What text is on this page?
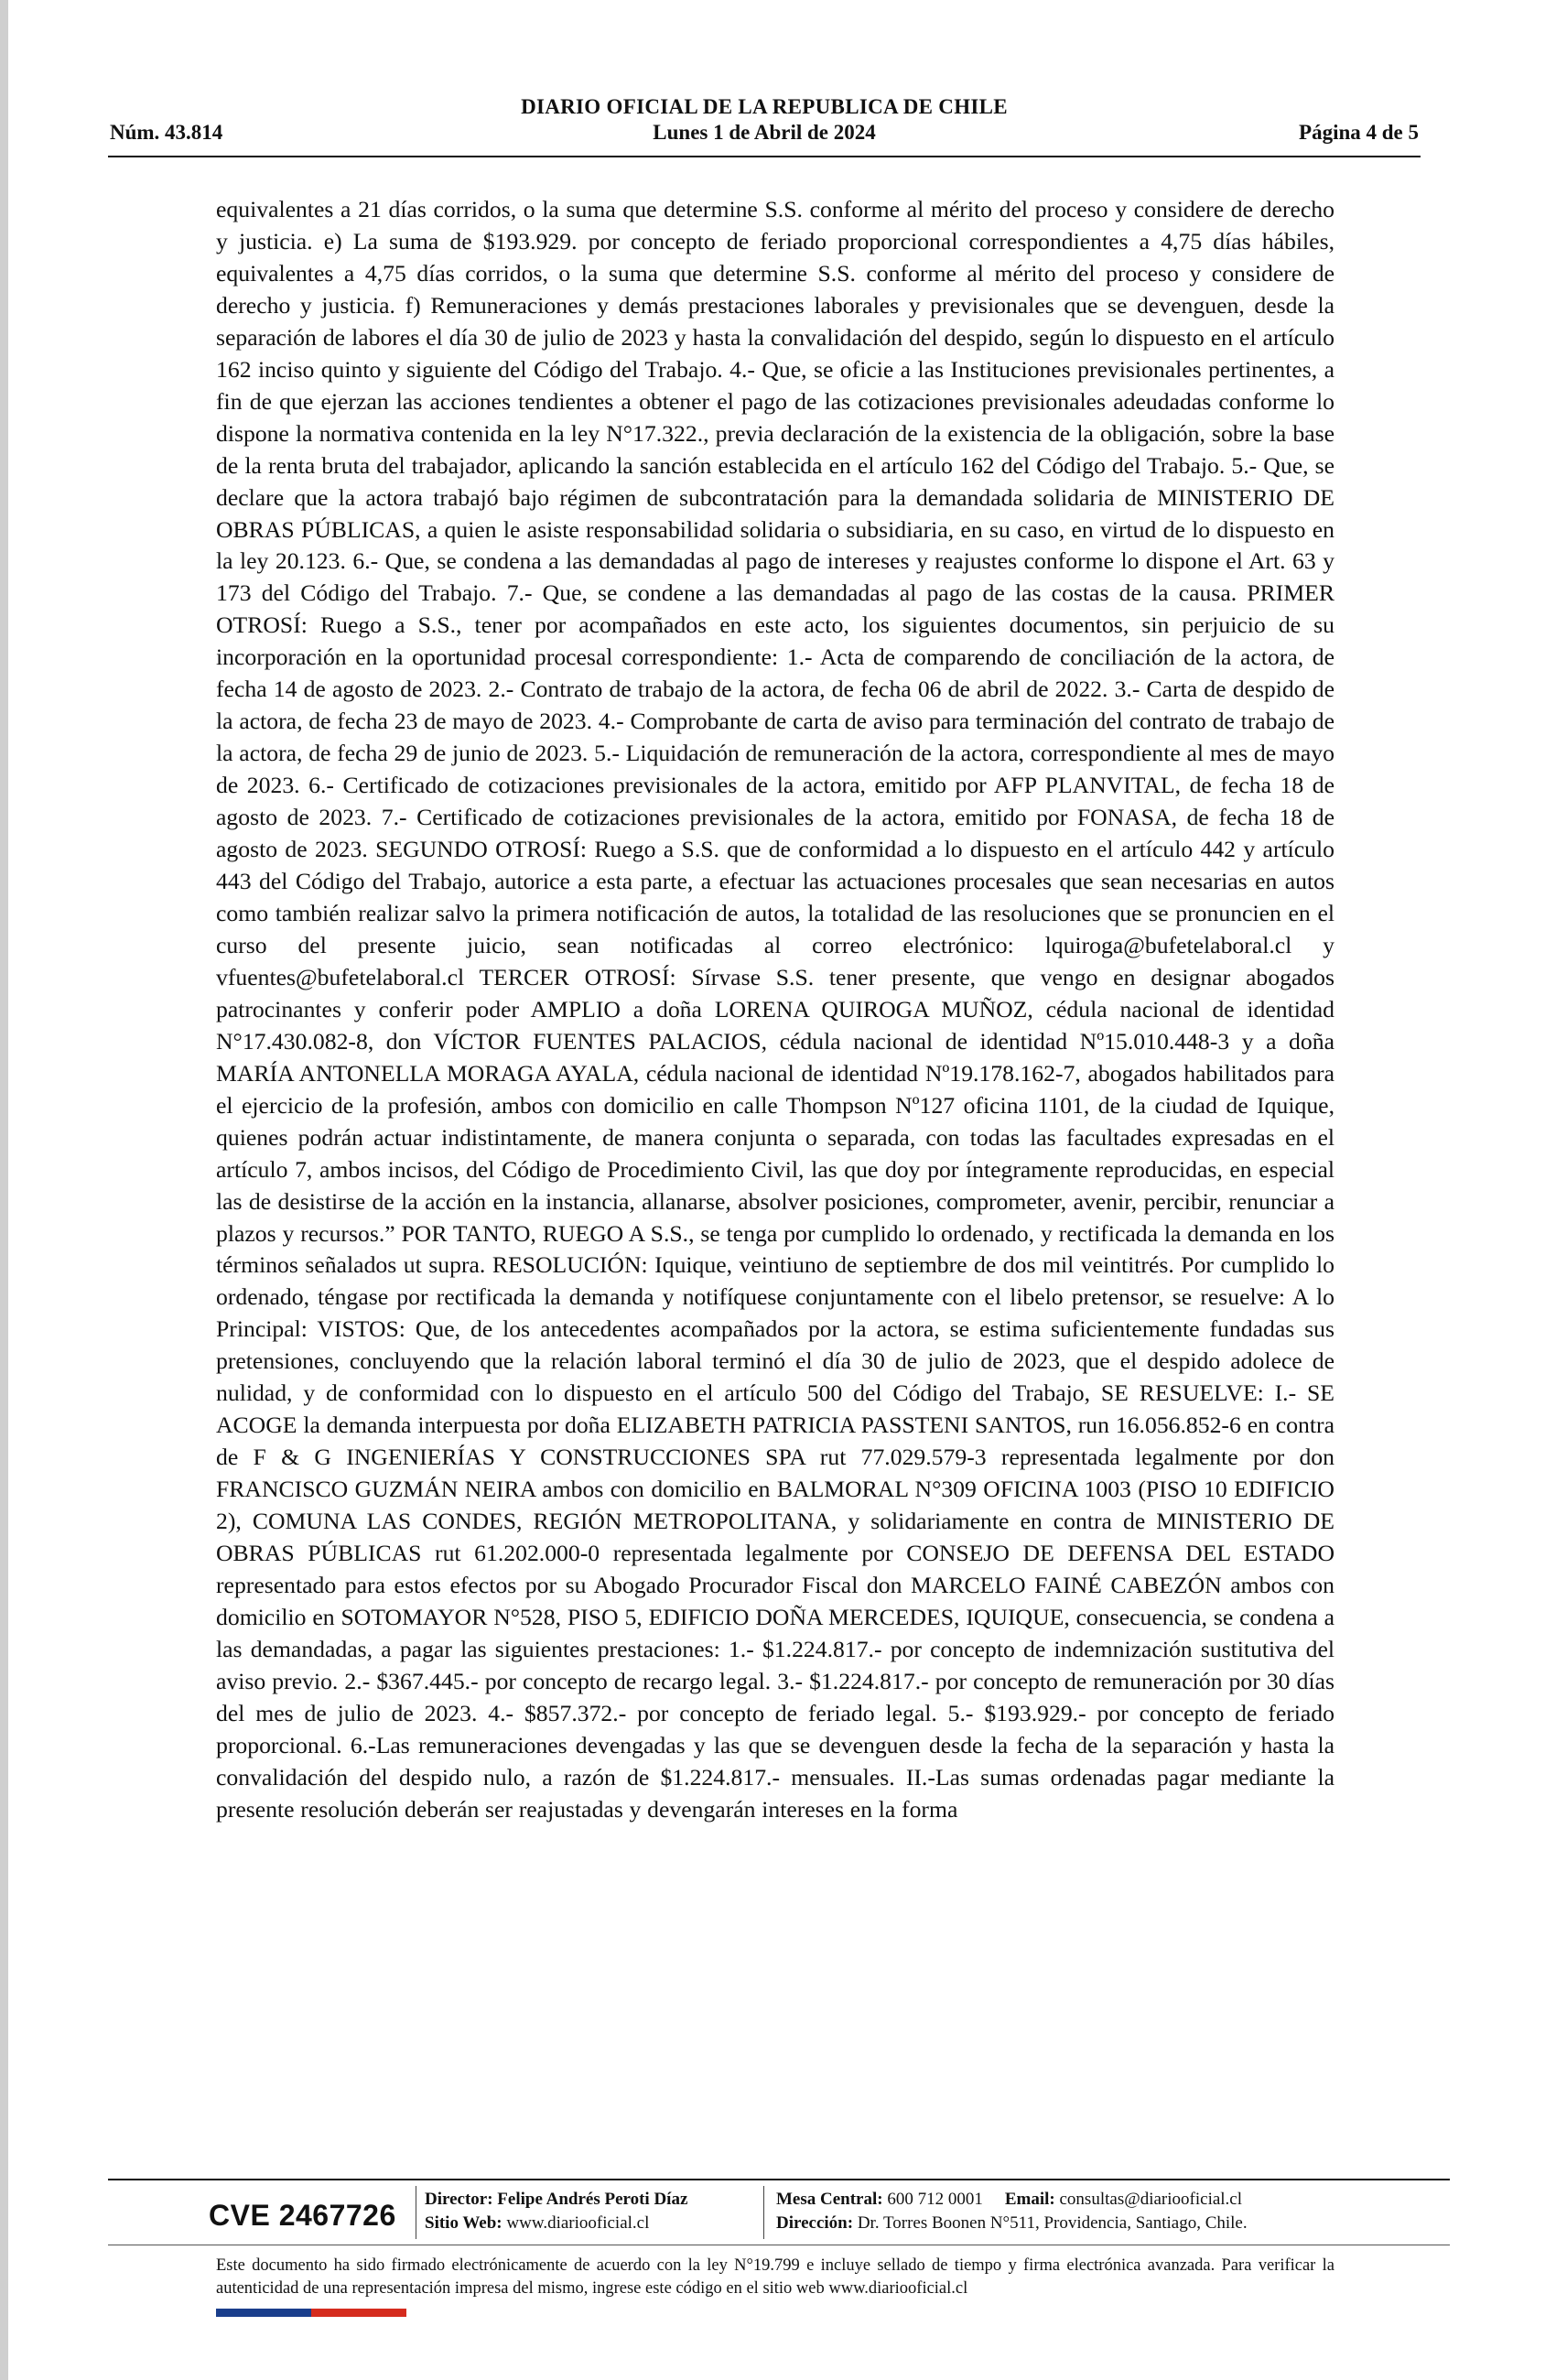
DIARIO OFICIAL DE LA REPUBLICA DE CHILE
Núm. 43.814	Lunes 1 de Abril de 2024	Página 4 de 5

equivalentes a 21 días corridos, o la suma que determine S.S. conforme al mérito del proceso y considere de derecho y justicia. e) La suma de $193.929. por concepto de feriado proporcional correspondientes a 4,75 días hábiles, equivalentes a 4,75 días corridos, o la suma que determine S.S. conforme al mérito del proceso y considere de derecho y justicia. f) Remuneraciones y demás prestaciones laborales y previsionales que se devenguen, desde la separación de labores el día 30 de julio de 2023 y hasta la convalidación del despido, según lo dispuesto en el artículo 162 inciso quinto y siguiente del Código del Trabajo. 4.- Que, se oficie a las Instituciones previsionales pertinentes, a fin de que ejerzan las acciones tendientes a obtener el pago de las cotizaciones previsionales adeudadas conforme lo dispone la normativa contenida en la ley N°17.322., previa declaración de la existencia de la obligación, sobre la base de la renta bruta del trabajador, aplicando la sanción establecida en el artículo 162 del Código del Trabajo. 5.- Que, se declare que la actora trabajó bajo régimen de subcontratación para la demandada solidaria de MINISTERIO DE OBRAS PÚBLICAS, a quien le asiste responsabilidad solidaria o subsidiaria, en su caso, en virtud de lo dispuesto en la ley 20.123. 6.- Que, se condena a las demandadas al pago de intereses y reajustes conforme lo dispone el Art. 63 y 173 del Código del Trabajo. 7.- Que, se condene a las demandadas al pago de las costas de la causa. PRIMER OTROSÍ: Ruego a S.S., tener por acompañados en este acto, los siguientes documentos, sin perjuicio de su incorporación en la oportunidad procesal correspondiente: 1.- Acta de comparendo de conciliación de la actora, de fecha 14 de agosto de 2023. 2.- Contrato de trabajo de la actora, de fecha 06 de abril de 2022. 3.- Carta de despido de la actora, de fecha 23 de mayo de 2023. 4.- Comprobante de carta de aviso para terminación del contrato de trabajo de la actora, de fecha 29 de junio de 2023. 5.- Liquidación de remuneración de la actora, correspondiente al mes de mayo de 2023. 6.- Certificado de cotizaciones previsionales de la actora, emitido por AFP PLANVITAL, de fecha 18 de agosto de 2023. 7.- Certificado de cotizaciones previsionales de la actora, emitido por FONASA, de fecha 18 de agosto de 2023. SEGUNDO OTROSÍ: Ruego a S.S. que de conformidad a lo dispuesto en el artículo 442 y artículo 443 del Código del Trabajo, autorice a esta parte, a efectuar las actuaciones procesales que sean necesarias en autos como también realizar salvo la primera notificación de autos, la totalidad de las resoluciones que se pronuncien en el curso del presente juicio, sean notificadas al correo electrónico: lquiroga@bufetelaboral.cl y vfuentes@bufetelaboral.cl TERCER OTROSÍ: Sírvase S.S. tener presente, que vengo en designar abogados patrocinantes y conferir poder AMPLIO a doña LORENA QUIROGA MUÑOZ, cédula nacional de identidad N°17.430.082-8, don VÍCTOR FUENTES PALACIOS, cédula nacional de identidad Nº15.010.448-3 y a doña MARÍA ANTONELLA MORAGA AYALA, cédula nacional de identidad Nº19.178.162-7, abogados habilitados para el ejercicio de la profesión, ambos con domicilio en calle Thompson Nº127 oficina 1101, de la ciudad de Iquique, quienes podrán actuar indistintamente, de manera conjunta o separada, con todas las facultades expresadas en el artículo 7, ambos incisos, del Código de Procedimiento Civil, las que doy por íntegramente reproducidas, en especial las de desistirse de la acción en la instancia, allanarse, absolver posiciones, comprometer, avenir, percibir, renunciar a plazos y recursos.” POR TANTO, RUEGO A S.S., se tenga por cumplido lo ordenado, y rectificada la demanda en los términos señalados ut supra. RESOLUCIÓN: Iquique, veintiuno de septiembre de dos mil veintitrés. Por cumplido lo ordenado, téngase por rectificada la demanda y notifíquese conjuntamente con el libelo pretensor, se resuelve: A lo Principal: VISTOS: Que, de los antecedentes acompañados por la actora, se estima suficientemente fundadas sus pretensiones, concluyendo que la relación laboral terminó el día 30 de julio de 2023, que el despido adolece de nulidad, y de conformidad con lo dispuesto en el artículo 500 del Código del Trabajo, SE RESUELVE: I.- SE ACOGE la demanda interpuesta por doña ELIZABETH PATRICIA PASSTENI SANTOS, run 16.056.852-6 en contra de F & G INGENIERÍAS Y CONSTRUCCIONES SPA rut 77.029.579-3 representada legalmente por don FRANCISCO GUZMÁN NEIRA ambos con domicilio en BALMORAL N°309 OFICINA 1003 (PISO 10 EDIFICIO 2), COMUNA LAS CONDES, REGIÓN METROPOLITANA, y solidariamente en contra de MINISTERIO DE OBRAS PÚBLICAS rut 61.202.000-0 representada legalmente por CONSEJO DE DEFENSA DEL ESTADO representado para estos efectos por su Abogado Procurador Fiscal don MARCELO FAINÉ CABEZÓN ambos con domicilio en SOTOMAYOR N°528, PISO 5, EDIFICIO DOÑA MERCEDES, IQUIQUE, consecuencia, se condena a las demandadas, a pagar las siguientes prestaciones: 1.- $1.224.817.- por concepto de indemnización sustitutiva del aviso previo. 2.- $367.445.- por concepto de recargo legal. 3.- $1.224.817.- por concepto de remuneración por 30 días del mes de julio de 2023. 4.- $857.372.- por concepto de feriado legal. 5.- $193.929.- por concepto de feriado proporcional. 6.-Las remuneraciones devengadas y las que se devenguen desde la fecha de la separación y hasta la convalidación del despido nulo, a razón de $1.224.817.- mensuales. II.-Las sumas ordenadas pagar mediante la presente resolución deberán ser reajustadas y devengarán intereses en la forma

CVE 2467726 Director: Felipe Andrés Peroti Díaz
Sitio Web: www.diariooficial.cl
Mesa Central: 600 712 0001 Email: consultas@diariooficial.cl
Dirección: Dr. Torres Boonen N°511, Providencia, Santiago, Chile.
Este documento ha sido firmado electrónicamente de acuerdo con la ley N°19.799 e incluye sellado de tiempo y firma electrónica avanzada. Para verificar la autenticidad de una representación impresa del mismo, ingrese este código en el sitio web www.diariooficial.cl
